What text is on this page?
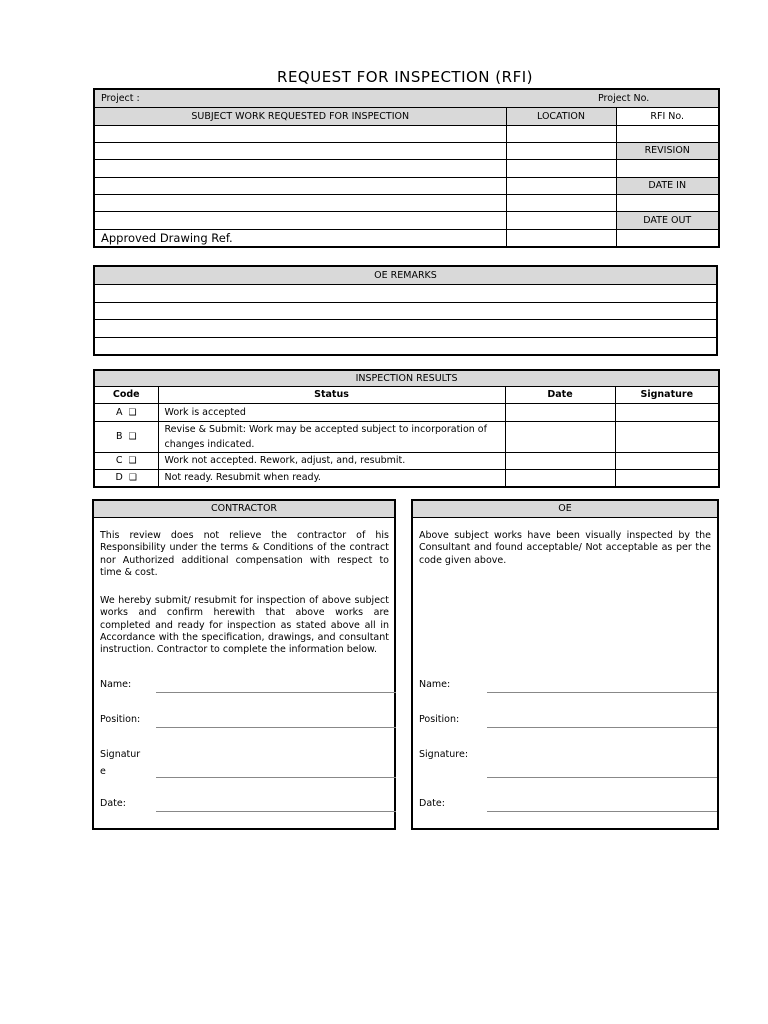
REQUEST FOR INSPECTION (RFI)
Project : Project No.		

SUBJECT WORK REQUESTED FOR INSPECTION	LOCATION	RFI No.

		REVISION

		DATE IN

		DATE OUT
Approved Drawing Ref.		
OE REMARKS

INSPECTION RESULTS			
Code	Status	Date	Signature
A ❑	Work is accepted		
B ❑	Revise & Submit: Work may be accepted subject to incorporation of changes indicated.		
C ❑	Work not accepted. Rework, adjust, and, resubmit.		
D ❑	Not ready. Resubmit when ready.		
CONTRACTOR
This review does not relieve the contractor of his Responsibility under the terms & Conditions of the contract nor Authorized additional compensation with respect to time & cost.
We hereby submit/ resubmit for inspection of above subject works and confirm herewith that above works are completed and ready for inspection as stated above all in Accordance with the specification, drawings, and consultant instruction. Contractor to complete the information below.
Name:
Position:
Signatur
e
Date:
OE
Above subject works have been visually inspected by the Consultant and found acceptable/ Not acceptable as per the code given above.
Name:
Position:
Signature:
Date:
